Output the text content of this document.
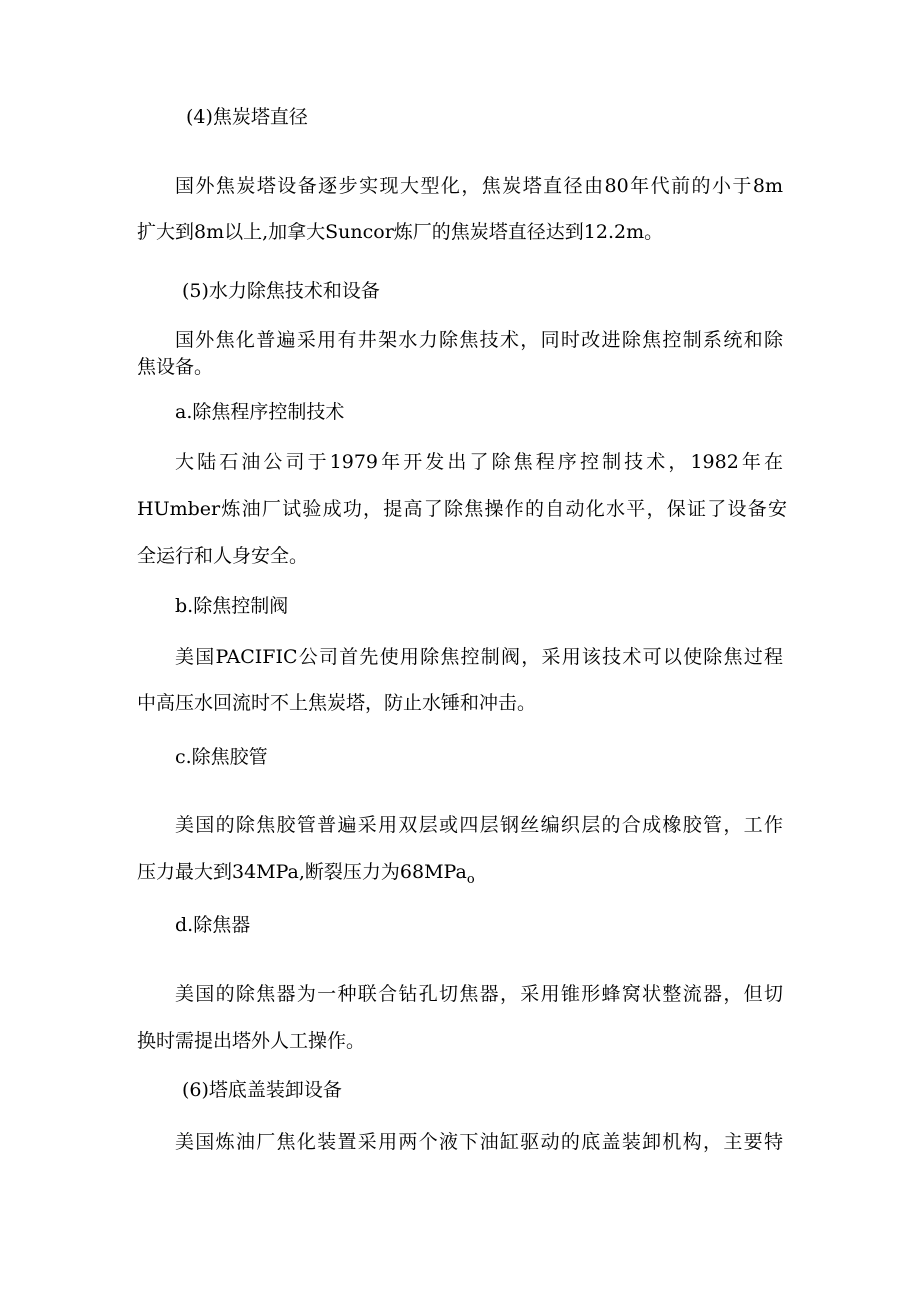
(4)焦炭塔直径
国外焦炭塔设备逐步实现大型化，焦炭塔直径由80年代前的小于8m
扩大到8m以上,加拿大Suncor炼厂的焦炭塔直径达到12.2m。
(5)水力除焦技术和设备
国外焦化普遍采用有井架水力除焦技术，同时改进除焦控制系统和除
焦设备。
a.除焦程序控制技术
大陆石油公司于1979年开发出了除焦程序控制技术，1982年在
HUmber炼油厂试验成功，提高了除焦操作的自动化水平，保证了设备安
全运行和人身安全。
b.除焦控制阀
美国PACIFIC公司首先使用除焦控制阀，采用该技术可以使除焦过程
中高压水回流时不上焦炭塔，防止水锤和冲击。
c.除焦胶管
美国的除焦胶管普遍采用双层或四层钢丝编织层的合成橡胶管，工作
压力最大到34MPa,断裂压力为68MPa$_o$
d.除焦器
美国的除焦器为一种联合钻孔切焦器，采用锥形蜂窝状整流器，但切
换时需提出塔外人工操作。
(6)塔底盖装卸设备
美国炼油厂焦化装置采用两个液下油缸驱动的底盖装卸机构，主要特
